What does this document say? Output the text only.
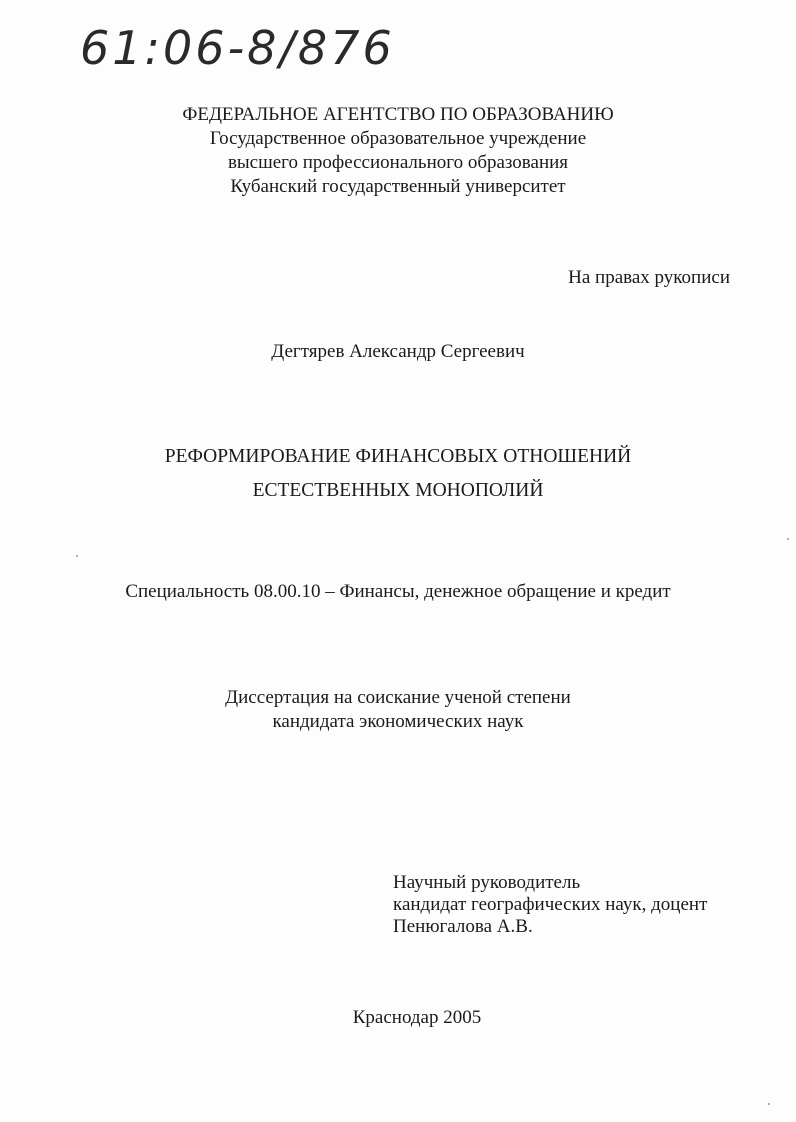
61:06-8/876
ФЕДЕРАЛЬНОЕ АГЕНТСТВО ПО ОБРАЗОВАНИЮ
Государственное образовательное учреждение
высшего профессионального образования
Кубанский государственный университет
На правах рукописи
Дегтярев Александр Сергеевич
РЕФОРМИРОВАНИЕ ФИНАНСОВЫХ ОТНОШЕНИЙ
ЕСТЕСТВЕННЫХ МОНОПОЛИЙ
Специальность 08.00.10 – Финансы, денежное обращение и кредит
Диссертация на соискание ученой степени
кандидата экономических наук
Научный руководитель
кандидат географических наук, доцент
Пенюгалова А.В.
Краснодар 2005
